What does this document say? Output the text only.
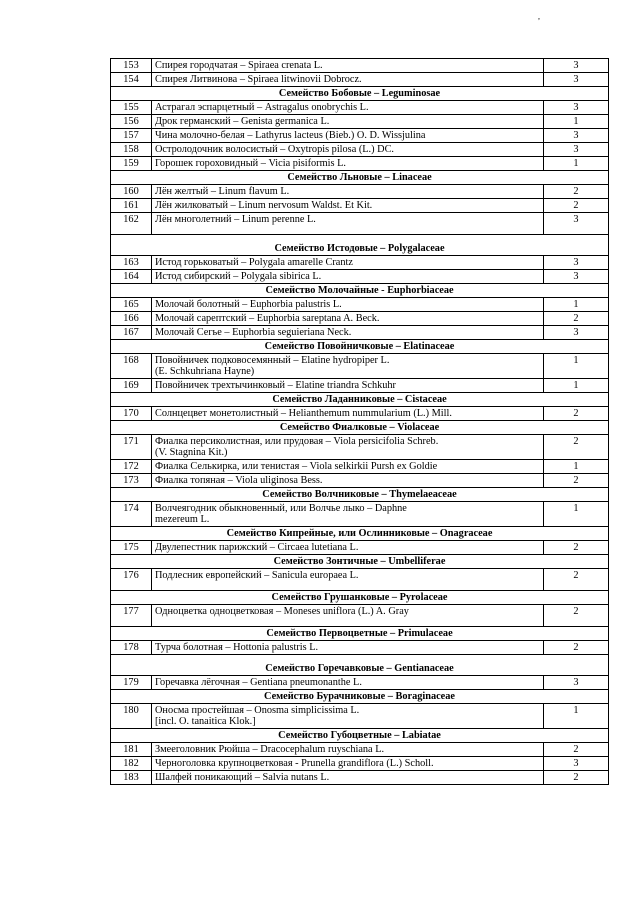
,
153	Спирея городчатая – Spiraea crenata L.	3
154	Спирея Литвинова – Spiraea litwinovii Dobrocz.	3
Семейство Бобовые – Leguminosae		
155	Астрагал эспарцетный – Astragalus onobrychis L.	3
156	Дрок германский – Genista germanica L.	1
157	Чина молочно-белая – Lathyrus lacteus (Bieb.) O. D. Wissjulina	3
158	Остролодочник волосистый – Oxytropis pilosa (L.) DC.	3
159	Горошек гороховидный – Vicia pisiformis L.	1
Семейство Льновые – Linaceae		
160	Лён желтый – Linum flavum L.	2
161	Лён жилковатый – Linum nervosum Waldst. Et Kit.	2
162	Лён многолетний – Linum perenne L.	3
Семейство Истодовые – Polygalaceae		
163	Истод горьковатый – Polygala amarelle Crantz	3
164	Истод сибирский – Polygala sibirica L.	3
Семейство Молочайные - Euphorbiaceae		
165	Молочай болотный – Euphorbia palustris L.	1
166	Молочай сарептский – Euphorbia sareptana A. Beck.	2
167	Молочай Сегье – Euphorbia seguieriana Neck.	3
Семейство Повойничковые – Elatinaceae		
168	Повойничек подковосемянный – Elatine hydropiper L.
(E. Schkuhriana Hayne)	1
169	Повойничек трехтычинковый – Elatine triandra Schkuhr	1
Семейство Ладанниковые – Cistaceae		
170	Солнцецвет монетолистный – Helianthemum nummularium (L.) Mill.	2
Семейство Фиалковые – Violaceae		
171	Фиалка персиколистная, или прудовая – Viola persicifolia Schreb.
(V. Stagnina Kit.)	2
172	Фиалка Селькирка, или тенистая – Viola selkirkii Pursh ex Goldie	1
173	Фиалка топяная – Viola uliginosa Bess.	2
Семейство Волчниковые – Thymelaeaceae		
174	Волчеягодник обыкновенный, или Волчье лыко – Daphne
mezereum L.	1
Семейство Кипрейные, или Ослинниковые – Onagraceae		
175	Двулепестник парижский – Circaea lutetiana L.	2
Семейство Зонтичные – Umbelliferae		
176	Подлесник европейский – Sanicula europaea L.	2
Семейство Грушанковые – Pyrolaceae		
177	Одноцветка одноцветковая – Moneses uniflora (L.) A. Gray	2
Семейство Первоцветные – Primulaceae		
178	Турча болотная – Hottonia palustris L.	2
Семейство Горечавковые – Gentianaceae		
179	Горечавка лёгочная – Gentiana pneumonanthe L.	3
Семейство Бурачниковые – Boraginaceae		
180	Оносма простейшая – Onosma simplicissima L.
[incl. O. tanaitica Klok.]	1
Семейство Губоцветные – Labiatae		
181	Змееголовник Рюйша – Dracocephalum ruyschiana L.	2
182	Черноголовка крупноцветковая - Prunella grandiflora (L.) Scholl.	3
183	Шалфей поникающий – Salvia nutans L.	2
